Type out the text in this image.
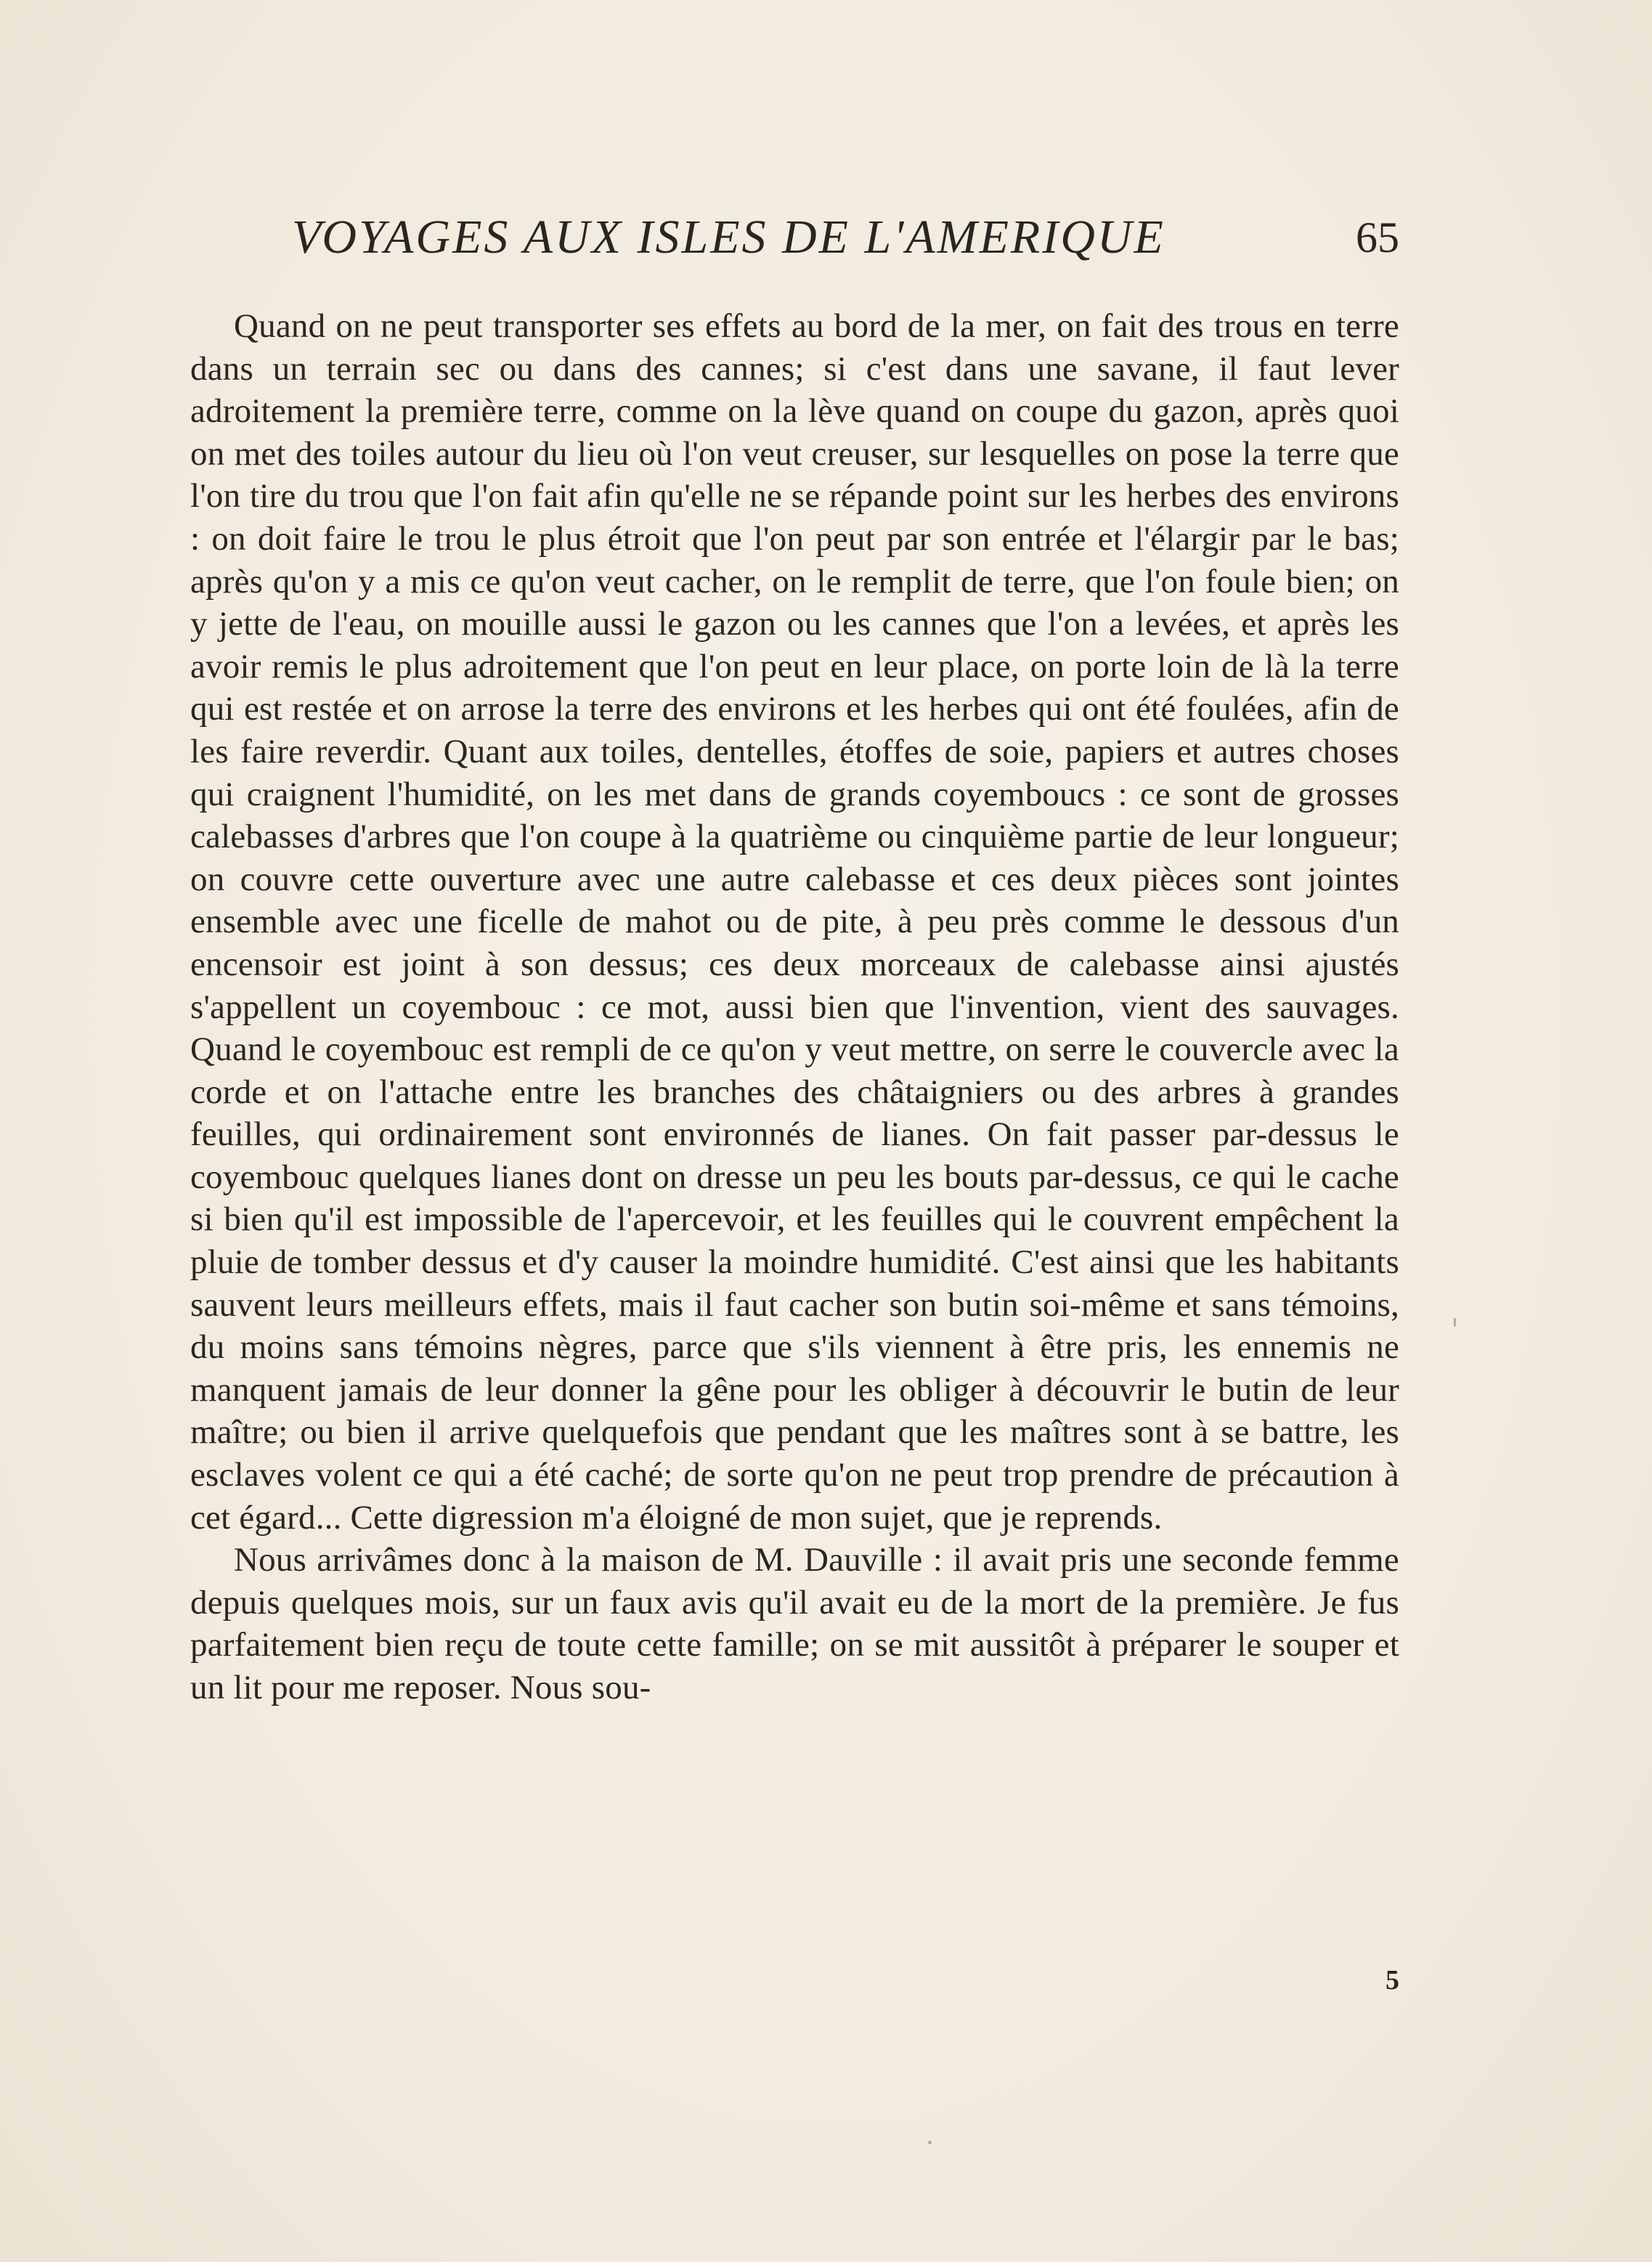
VOYAGES AUX ISLES DE L'AMERIQUE	65

Quand on ne peut transporter ses effets au bord de la mer, on fait des trous en terre dans un terrain sec ou dans des cannes; si c'est dans une savane, il faut lever adroitement la première terre, comme on la lève quand on coupe du gazon, après quoi on met des toiles autour du lieu où l'on veut creuser, sur lesquelles on pose la terre que l'on tire du trou que l'on fait afin qu'elle ne se répande point sur les herbes des environs : on doit faire le trou le plus étroit que l'on peut par son entrée et l'élargir par le bas; après qu'on y a mis ce qu'on veut cacher, on le remplit de terre, que l'on foule bien; on y jette de l'eau, on mouille aussi le gazon ou les cannes que l'on a levées, et après les avoir remis le plus adroitement que l'on peut en leur place, on porte loin de là la terre qui est restée et on arrose la terre des environs et les herbes qui ont été foulées, afin de les faire reverdir. Quant aux toiles, dentelles, étoffes de soie, papiers et autres choses qui craignent l'humidité, on les met dans de grands coyemboucs : ce sont de grosses calebasses d'arbres que l'on coupe à la quatrième ou cinquième partie de leur longueur; on couvre cette ouverture avec une autre calebasse et ces deux pièces sont jointes ensemble avec une ficelle de mahot ou de pite, à peu près comme le dessous d'un encensoir est joint à son dessus; ces deux morceaux de calebasse ainsi ajustés s'appellent un coyembouc : ce mot, aussi bien que l'invention, vient des sauvages. Quand le coyembouc est rempli de ce qu'on y veut mettre, on serre le couvercle avec la corde et on l'attache entre les branches des châtaigniers ou des arbres à grandes feuilles, qui ordinairement sont environnés de lianes. On fait passer par-dessus le coyembouc quelques lianes dont on dresse un peu les bouts par-dessus, ce qui le cache si bien qu'il est impossible de l'apercevoir, et les feuilles qui le couvrent empêchent la pluie de tomber dessus et d'y causer la moindre humidité. C'est ainsi que les habitants sauvent leurs meilleurs effets, mais il faut cacher son butin soi-même et sans témoins, du moins sans témoins nègres, parce que s'ils viennent à être pris, les ennemis ne manquent jamais de leur donner la gêne pour les obliger à découvrir le butin de leur maître; ou bien il arrive quelquefois que pendant que les maîtres sont à se battre, les esclaves volent ce qui a été caché; de sorte qu'on ne peut trop prendre de précaution à cet égard... Cette digression m'a éloigné de mon sujet, que je reprends.

Nous arrivâmes donc à la maison de M. Dauville : il avait pris une seconde femme depuis quelques mois, sur un faux avis qu'il avait eu de la mort de la première. Je fus parfaitement bien reçu de toute cette famille; on se mit aussitôt à préparer le souper et un lit pour me reposer. Nous sou-

5
